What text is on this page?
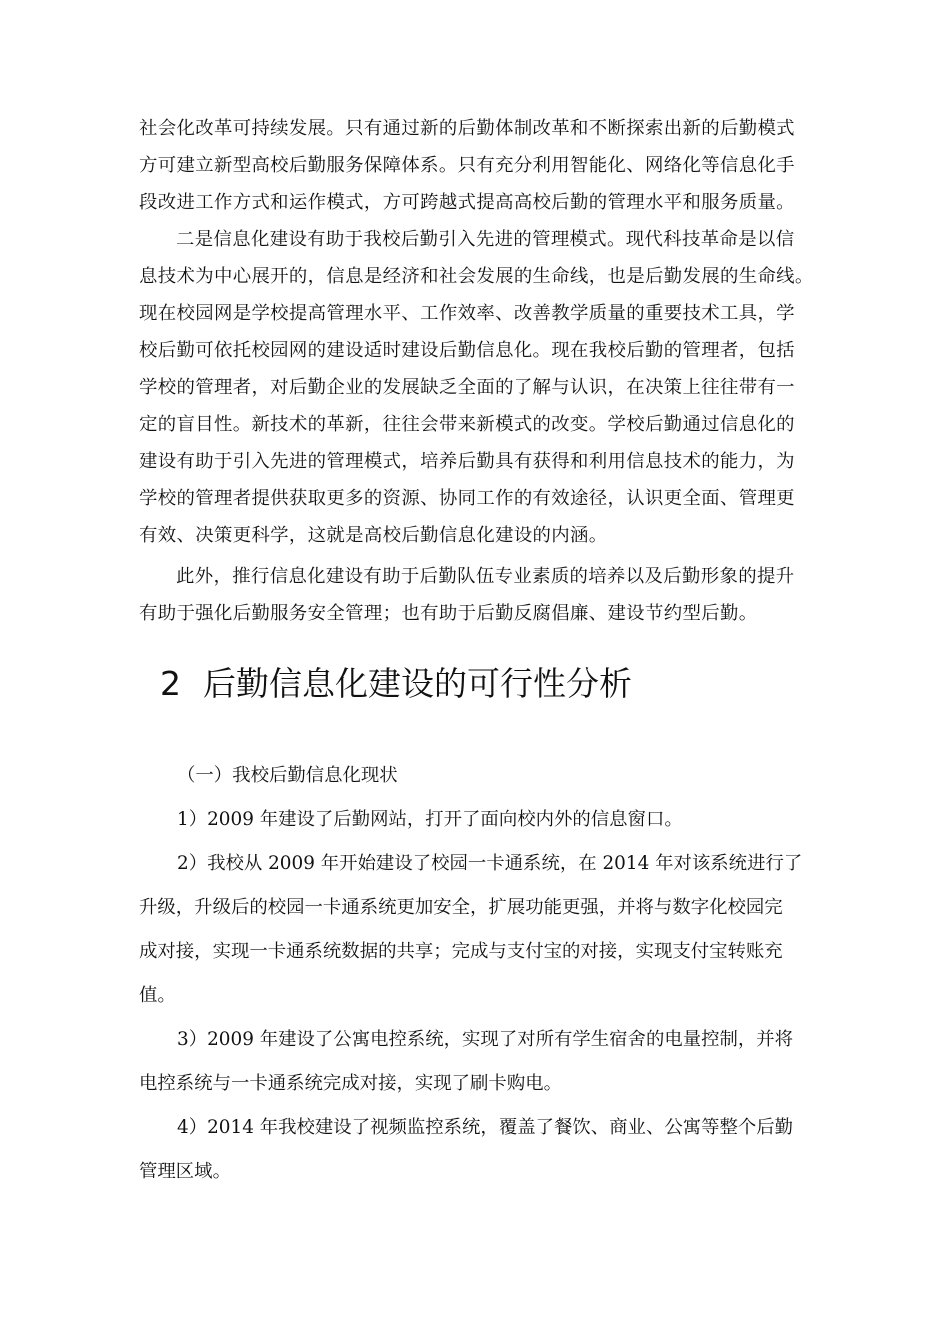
社会化改革可持续发展。只有通过新的后勤体制改革和不断探索出新的后勤模式
方可建立新型高校后勤服务保障体系。只有充分利用智能化、网络化等信息化手
段改进工作方式和运作模式，方可跨越式提高高校后勤的管理水平和服务质量。

二是信息化建设有助于我校后勤引入先进的管理模式。现代科技革命是以信
息技术为中心展开的，信息是经济和社会发展的生命线，也是后勤发展的生命线。
现在校园网是学校提高管理水平、工作效率、改善教学质量的重要技术工具，学
校后勤可依托校园网的建设适时建设后勤信息化。现在我校后勤的管理者，包括
学校的管理者，对后勤企业的发展缺乏全面的了解与认识，在决策上往往带有一
定的盲目性。新技术的革新，往往会带来新模式的改变。学校后勤通过信息化的
建设有助于引入先进的管理模式，培养后勤具有获得和利用信息技术的能力，为
学校的管理者提供获取更多的资源、协同工作的有效途径，认识更全面、管理更
有效、决策更科学，这就是高校后勤信息化建设的内涵。

此外，推行信息化建设有助于后勤队伍专业素质的培养以及后勤形象的提升
有助于强化后勤服务安全管理；也有助于后勤反腐倡廉、建设节约型后勤。

2 后勤信息化建设的可行性分析
（一）我校后勤信息化现状
1）2009 年建设了后勤网站，打开了面向校内外的信息窗口。
2）我校从 2009 年开始建设了校园一卡通系统，在 2014 年对该系统进行了
升级，升级后的校园一卡通系统更加安全，扩展功能更强，并将与数字化校园完
成对接，实现一卡通系统数据的共享；完成与支付宝的对接，实现支付宝转账充
值。
3）2009 年建设了公寓电控系统，实现了对所有学生宿舍的电量控制，并将
电控系统与一卡通系统完成对接，实现了刷卡购电。
4）2014 年我校建设了视频监控系统，覆盖了餐饮、商业、公寓等整个后勤
管理区域。
